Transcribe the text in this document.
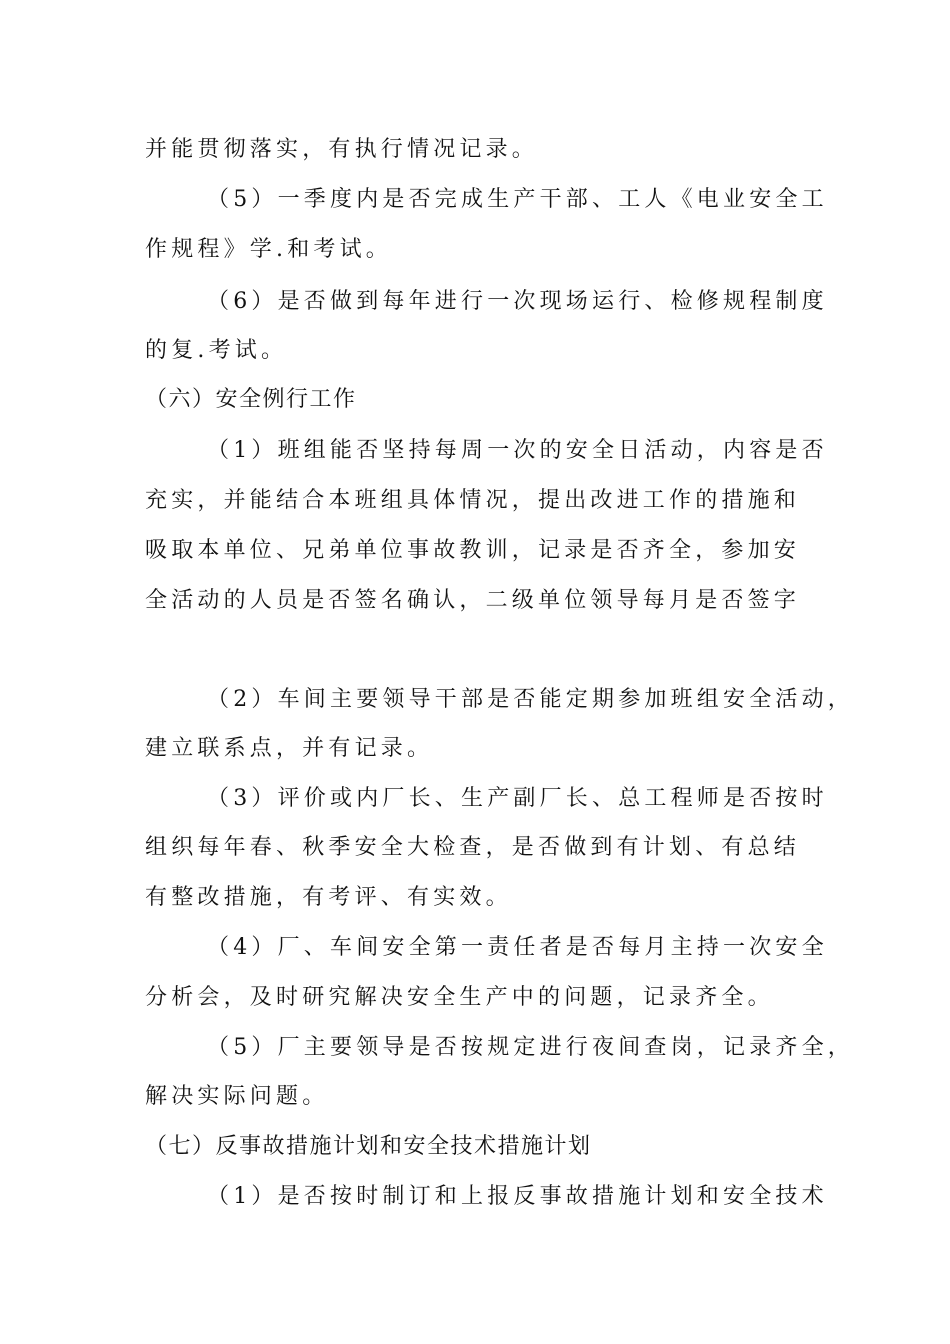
并能贯彻落实，有执行情况记录。
（5）一季度内是否完成生产干部、工人《电业安全工
作规程》学.和考试。
（6）是否做到每年进行一次现场运行、检修规程制度
的复.考试。
（六）安全例行工作
（1）班组能否坚持每周一次的安全日活动，内容是否
充实，并能结合本班组具体情况，提出改进工作的措施和
吸取本单位、兄弟单位事故教训，记录是否齐全，参加安
全活动的人员是否签名确认，二级单位领导每月是否签字
（2）车间主要领导干部是否能定期参加班组安全活动，
建立联系点，并有记录。
（3）评价或内厂长、生产副厂长、总工程师是否按时
组织每年春、秋季安全大检查，是否做到有计划、有总结
有整改措施，有考评、有实效。
（4）厂、车间安全第一责任者是否每月主持一次安全
分析会，及时研究解决安全生产中的问题，记录齐全。
（5）厂主要领导是否按规定进行夜间查岗，记录齐全，
解决实际问题。
（七）反事故措施计划和安全技术措施计划
（1）是否按时制订和上报反事故措施计划和安全技术
